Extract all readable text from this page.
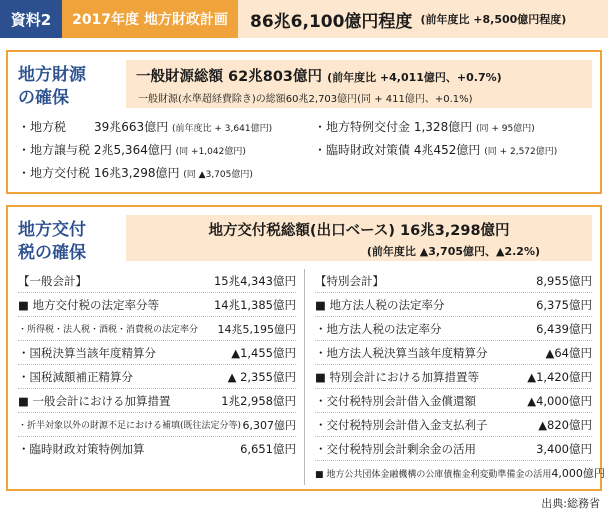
資料2	2017年度 地方財政計画	86兆6,100億円程度 (前年度比 +8,500億円程度)
地方財源
の確保
一般財源総額 62兆803億円 (前年度比 +4,011億円、+0.7%)
一般財源(水準超経費除き)の総額60兆2,703億円(同 + 411億円、+0.1%)
・地方税 39兆663億円 (前年度比 + 3,641億円)	・地方特例交付金 1,328億円 (同 + 95億円)
・地方譲与税 2兆5,364億円 (同 +1,042億円)	・臨時財政対策債 4兆452億円 (同 + 2,572億円)
・地方交付税 16兆3,298億円 (同 ▲3,705億円)
地方交付
税の確保
地方交付税総額(出口ベース) 16兆3,298億円
(前年度比 ▲3,705億円、▲2.2%)
【一般会計】	15兆4,343億円
■ 地方交付税の法定率分等	14兆1,385億円
・所得税・法人税・酒税・消費税の法定率分 14兆5,195億円
・国税決算当該年度精算分	▲1,455億円
・国税減額補正精算分	▲ 2,355億円
■ 一般会計における加算措置	1兆2,958億円
・折半対象以外の財源不足における補填(既往法定分等) 6,307億円
・臨時財政対策特例加算	6,651億円
【特別会計】	8,955億円
■ 地方法人税の法定率分	6,375億円
・地方法人税の法定率分	6,439億円
・地方法人税決算当該年度精算分	▲64億円
■ 特別会計における加算措置等	▲1,420億円
・交付税特別会計借入金償還額	▲4,000億円
・交付税特別会計借入金支払利子	▲820億円
・交付税特別会計剰余金の活用	3,400億円
■ 地方公共団体金融機構の公庫債権金利変動準備金の活用 4,000億円
出典:総務省
